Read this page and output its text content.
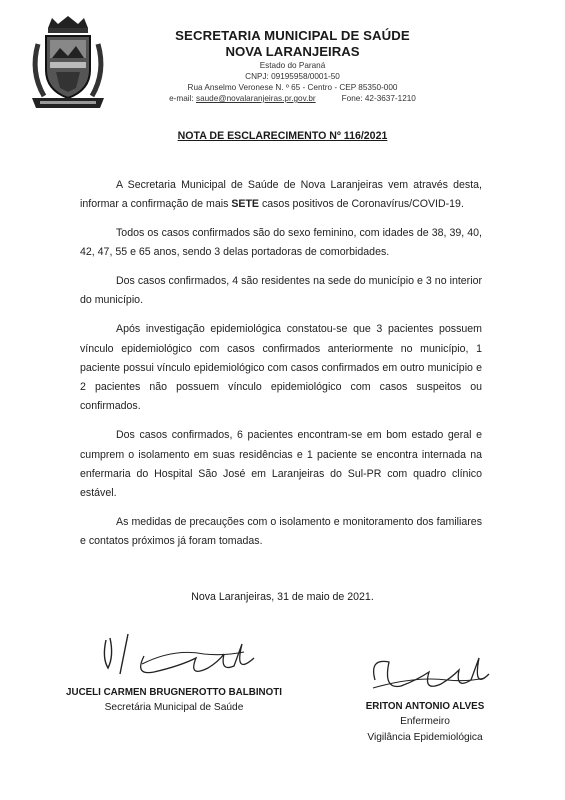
SECRETARIA MUNICIPAL DE SAÚDE
NOVA LARANJEIRAS
Estado do Paraná
CNPJ: 09195958/0001-50
Rua Anselmo Veronese N. º 65 - Centro - CEP 85350-000
e-mail: saude@novalaranjeiras.pr.gov.br	Fone: 42-3637-1210
NOTA DE ESCLARECIMENTO Nº 116/2021

A Secretaria Municipal de Saúde de Nova Laranjeiras vem através desta, informar a confirmação de mais SETE casos positivos de Coronavírus/COVID-19.

Todos os casos confirmados são do sexo feminino, com idades de 38, 39, 40, 42, 47, 55 e 65 anos, sendo 3 delas portadoras de comorbidades.

Dos casos confirmados, 4 são residentes na sede do município e 3 no interior do município.

Após investigação epidemiológica constatou-se que 3 pacientes possuem vínculo epidemiológico com casos confirmados anteriormente no município, 1 paciente possui vínculo epidemiológico com casos confirmados em outro município e 2 pacientes não possuem vínculo epidemiológico com casos suspeitos ou confirmados.

Dos casos confirmados, 6 pacientes encontram-se em bom estado geral e cumprem o isolamento em suas residências e 1 paciente se encontra internada na enfermaria do Hospital São José em Laranjeiras do Sul-PR com quadro clínico estável.

As medidas de precauções com o isolamento e monitoramento dos familiares e contatos próximos já foram tomadas.

Nova Laranjeiras, 31 de maio de 2021.
JUCELI CARMEN BRUGNEROTTO BALBINOTI
Secretária Municipal de Saúde	ERITON ANTONIO ALVES
Enfermeiro
Vigilância Epidemiológica
